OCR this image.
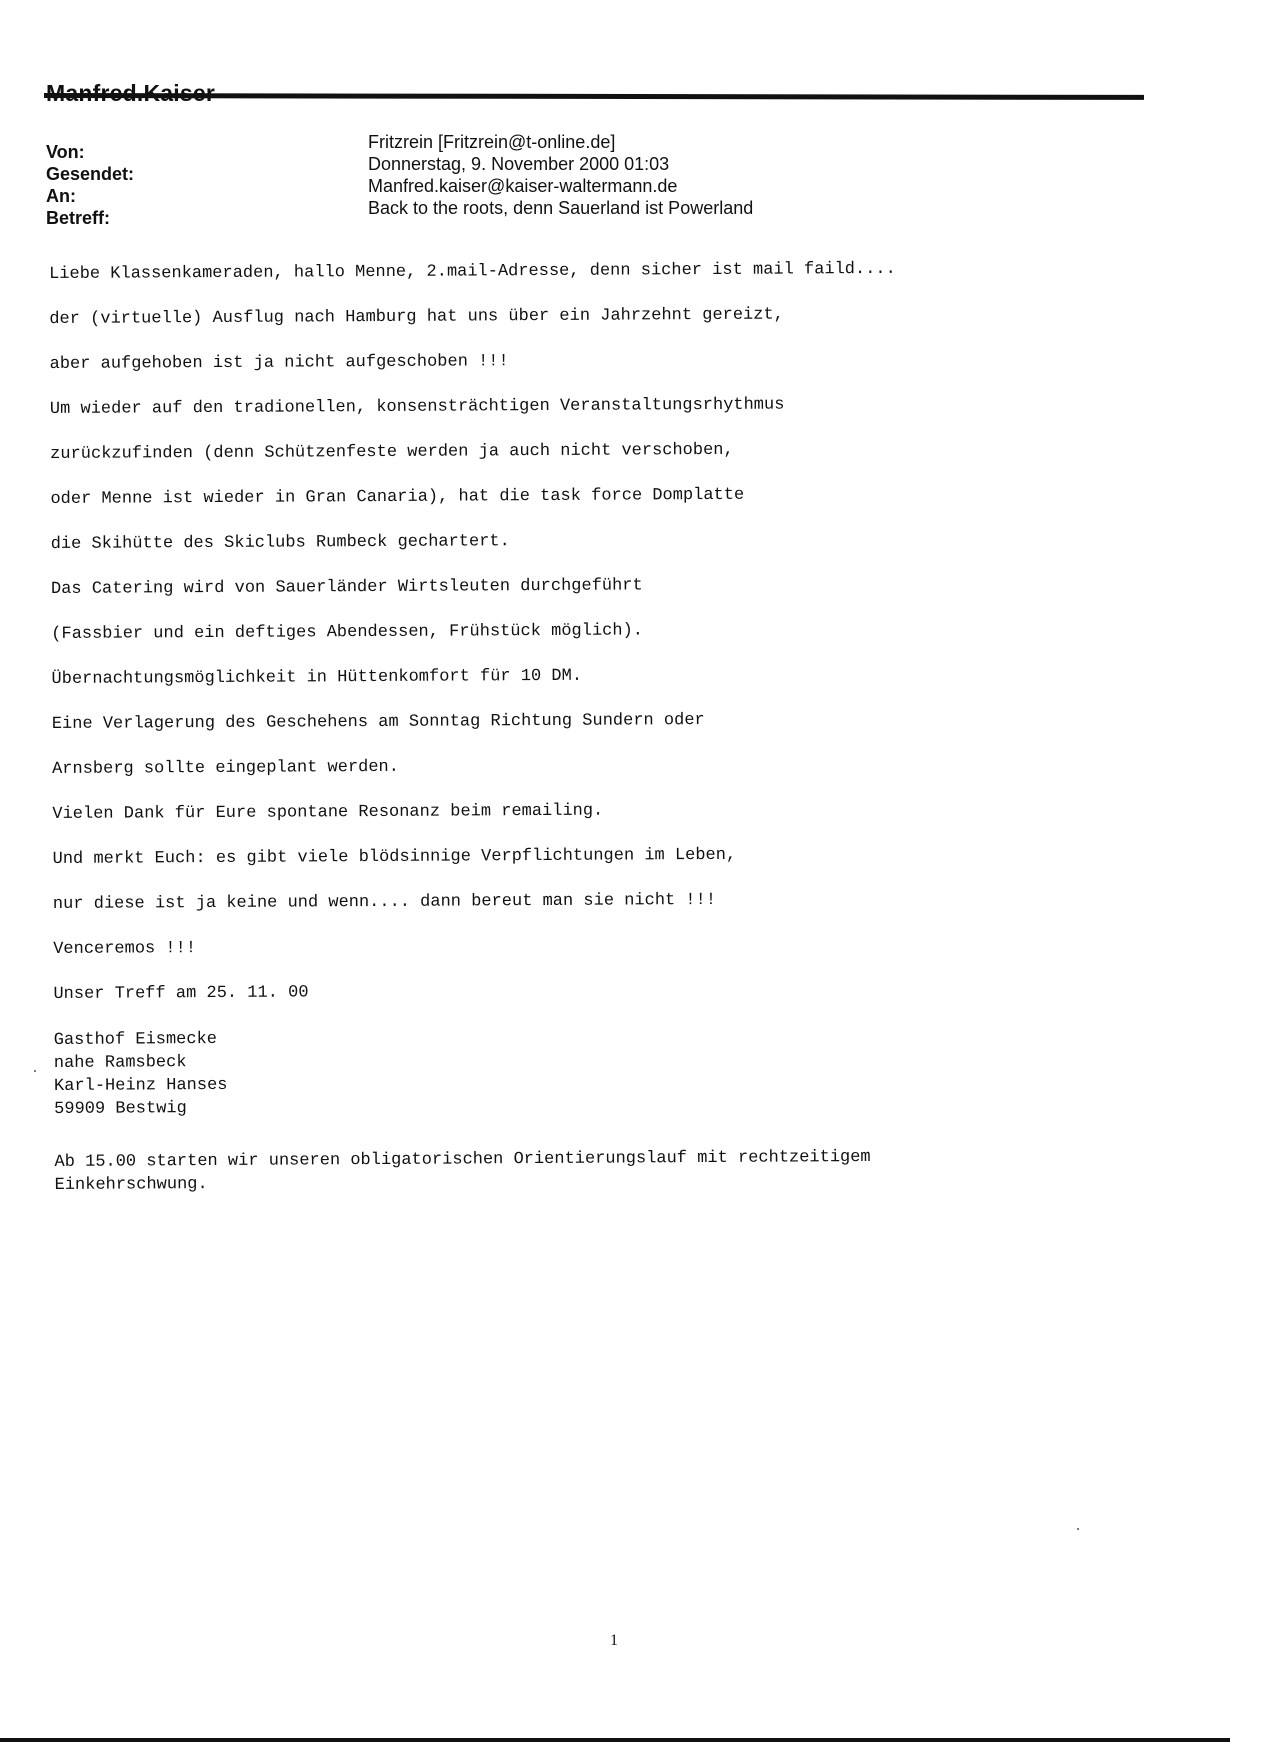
Von:	Fritzrein [Fritzrein@t-online.de]
Gesendet:	Donnerstag, 9. November 2000 01:03
An:	Manfred.kaiser@kaiser-waltermann.de
Betreff:	Back to the roots, denn Sauerland ist Powerland
Liebe Klassenkameraden, hallo Menne, 2.mail-Adresse, denn sicher ist mail faild....
der (virtuelle) Ausflug nach Hamburg hat uns über ein Jahrzehnt gereizt,
aber aufgehoben ist ja nicht aufgeschoben !!!
Um wieder auf den tradionellen, konsensträchtigen Veranstaltungsrhythmus
zurückzufinden (denn Schützenfeste werden ja auch nicht verschoben,
oder Menne ist wieder in Gran Canaria), hat die task force Domplatte
die Skihütte des Skiclubs Rumbeck gechartert.
Das Catering wird von Sauerländer Wirtsleuten durchgeführt
(Fassbier und ein deftiges Abendessen, Frühstück möglich).
Übernachtungsmöglichkeit in Hüttenkomfort für 10 DM.
Eine Verlagerung des Geschehens am Sonntag Richtung Sundern oder
Arnsberg sollte eingeplant werden.
Vielen Dank für Eure spontane Resonanz beim remailing.
Und merkt Euch: es gibt viele blödsinnige Verpflichtungen im Leben,
nur diese ist ja keine und wenn.... dann bereut man sie nicht !!!
Venceremos !!!
Unser Treff am 25. 11. 00
Gasthof Eismecke
nahe Ramsbeck
Karl-Heinz Hanses
59909 Bestwig
Ab 15.00 starten wir unseren obligatorischen Orientierungslauf mit rechtzeitigem Einkehrschwung.
1
